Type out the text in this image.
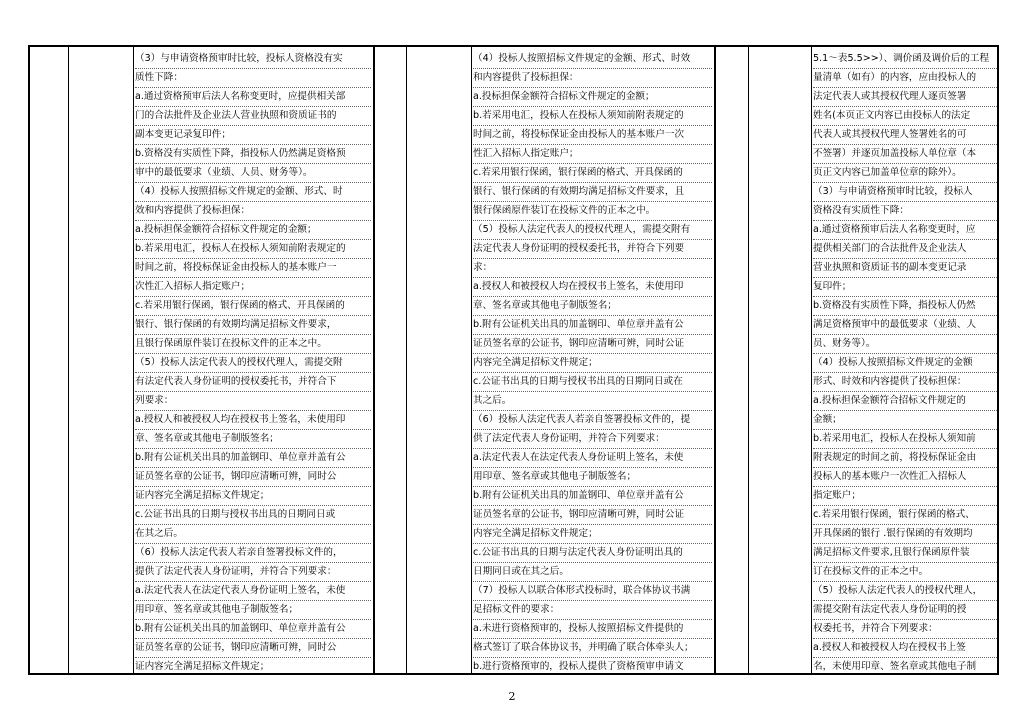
（3）与申请资格预审时比较，投标人资格没有实
质性下降：
a.通过资格预审后法人名称变更时，应提供相关部
门的合法批件及企业法人营业执照和资质证书的
副本变更记录复印件；
b.资格没有实质性下降，指投标人仍然满足资格预
审中的最低要求（业绩、人员、财务等）。
（4）投标人按照招标文件规定的金额、形式、时
效和内容提供了投标担保：
a.投标担保金额符合招标文件规定的金额；
b.若采用电汇，投标人在投标人须知前附表规定的
时间之前，将投标保证金由投标人的基本账户一
次性汇入招标人指定账户；
c.若采用银行保函，银行保函的格式、开具保函的
银行、银行保函的有效期均满足招标文件要求，
且银行保函原件装订在投标文件的正本之中。
（5）投标人法定代表人的授权代理人，需提交附
有法定代表人身份证明的授权委托书，并符合下
列要求：
a.授权人和被授权人均在授权书上签名，未使用印
章、签名章或其他电子制版签名；
b.附有公证机关出具的加盖钢印、单位章并盖有公
证员签名章的公证书，钢印应清晰可辨，同时公
证内容完全满足招标文件规定；
c.公证书出具的日期与授权书出具的日期同日或
在其之后。
（6）投标人法定代表人若亲自签署投标文件的，
提供了法定代表人身份证明，并符合下列要求：
a.法定代表人在法定代表人身份证明上签名，未使
用印章、签名章或其他电子制版签名；
b.附有公证机关出具的加盖钢印、单位章并盖有公
证员签名章的公证书，钢印应清晰可辨，同时公
证内容完全满足招标文件规定；
（4）投标人按照招标文件规定的金额、形式、时效
和内容提供了投标担保：
a.投标担保金额符合招标文件规定的金额；
b.若采用电汇，投标人在投标人须知前附表规定的
时间之前，将投标保证金由投标人的基本账户一次
性汇入招标人指定账户；
c.若采用银行保函，银行保函的格式、开具保函的
银行、银行保函的有效期均满足招标文件要求，且
银行保函原件装订在投标文件的正本之中。
（5）投标人法定代表人的授权代理人，需提交附有
法定代表人身份证明的授权委托书，并符合下列要
求：
a.授权人和被授权人均在授权书上签名，未使用印
章、签名章或其他电子制版签名；
b.附有公证机关出具的加盖钢印、单位章并盖有公
证员签名章的公证书，钢印应清晰可辨，同时公证
内容完全满足招标文件规定；
c.公证书出具的日期与授权书出具的日期同日或在
其之后。
（6）投标人法定代表人若亲自签署投标文件的，提
供了法定代表人身份证明，并符合下列要求：
a.法定代表人在法定代表人身份证明上签名，未使
用印章、签名章或其他电子制版签名；
b.附有公证机关出具的加盖钢印、单位章并盖有公
证员签名章的公证书，钢印应清晰可辨，同时公证
内容完全满足招标文件规定；
c.公证书出具的日期与法定代表人身份证明出具的
日期同日或在其之后。
（7）投标人以联合体形式投标时，联合体协议书满
足招标文件的要求：
a.未进行资格预审的，投标人按照招标文件提供的
格式签订了联合体协议书，并明确了联合体牵头人；
b.进行资格预审的，投标人提供了资格预审申请文
5.1～表5.5>>）、调价函及调价后的工程
量清单（如有）的内容，应由投标人的
法定代表人或其授权代理人逐页签署
姓名(本页正文内容已由投标人的法定
代表人或其授权代理人签署姓名的可
不签署）并逐页加盖投标人单位章（本
页正文内容已加盖单位章的除外）。
（3）与申请资格预审时比较，投标人
资格没有实质性下降：
a.通过资格预审后法人名称变更时，应
提供相关部门的合法批件及企业法人
营业执照和资质证书的副本变更记录
复印件；
b.资格没有实质性下降，指投标人仍然
满足资格预审中的最低要求（业绩、人
员、财务等）。
（4）投标人按照招标文件规定的金额
形式、时效和内容提供了投标担保：
a.投标担保金额符合招标文件规定的
金额；
b.若采用电汇，投标人在投标人须知前
附表规定的时间之前，将投标保证金由
投标人的基本账户一次性汇入招标人
指定账户；
c.若采用银行保函，银行保函的格式、
开具保函的银行 .银行保函的有效期均
满足招标文件要求,且银行保函原件装
订在投标文件的正本之中。
（5）投标人法定代表人的授权代理人，
需提交附有法定代表人身份证明的授
权委托书，并符合下列要求：
a.授权人和被授权人均在授权书上签
名，未使用印章、签名章或其他电子制
2
